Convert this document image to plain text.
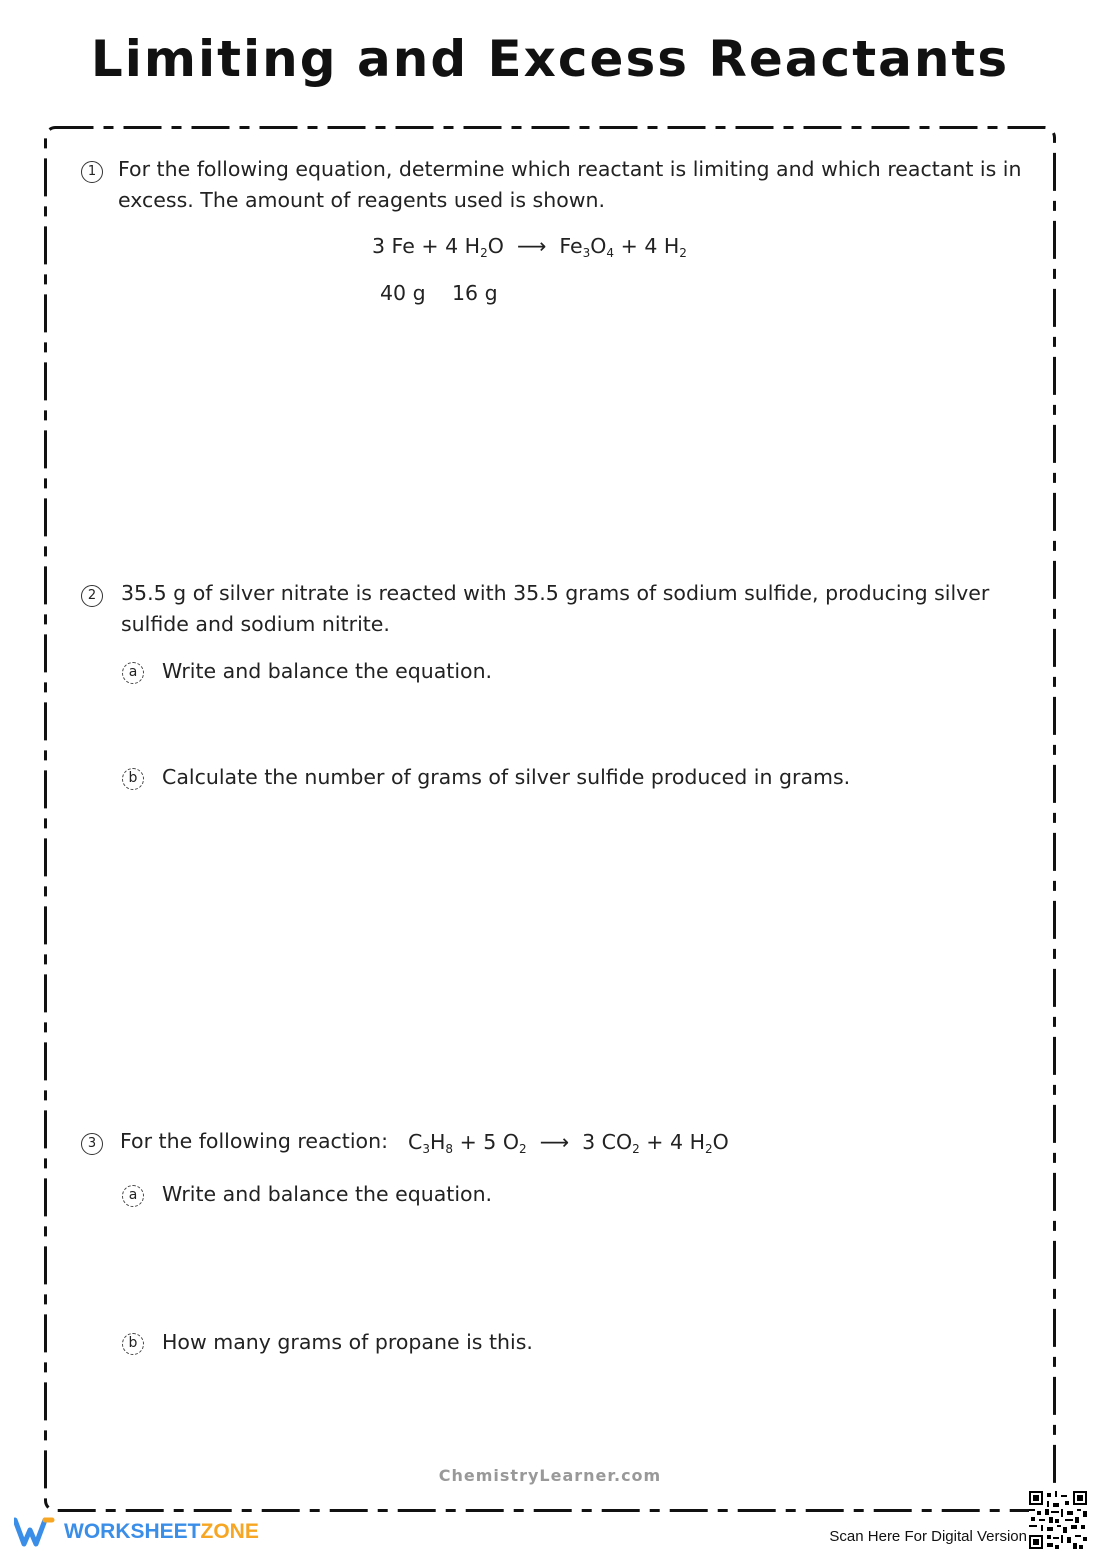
Limiting and Excess Reactants
1	For the following equation, determine which reactant is limiting and which reactant is in excess. The amount of reagents used is shown.
3 Fe + 4 $H_2O$ ⟶ $Fe_3O_4 + 4$ $H_2$
40 g 16 g
2	35.5 g of silver nitrate is reacted with 35.5 grams of sodium sulfide, producing silver sulfide and sodium nitrite.
a	Write and balance the equation.
b	Calculate the number of grams of silver sulfide produced in grams.
3	For the following reaction: $C_3H_8 + 5$ $O_2$ ⟶ 3 $CO_2 + 4$ $H_2O$
a	Write and balance the equation.
b	How many grams of propane is this.
ChemistryLearner.com
WORKSHEETZONE	Scan Here For Digital Version
